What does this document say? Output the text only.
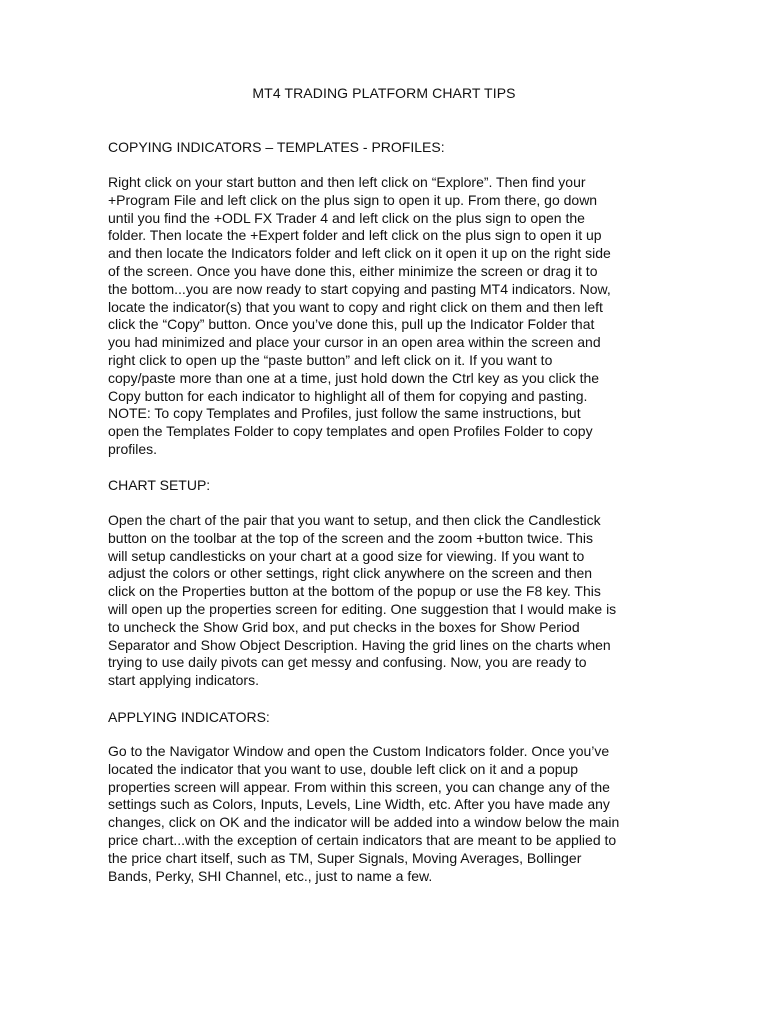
MT4 TRADING PLATFORM CHART TIPS
COPYING INDICATORS – TEMPLATES - PROFILES:
Right click on your start button and then left click on “Explore”. Then find your
+Program File and left click on the plus sign to open it up. From there, go down
until you find the +ODL FX Trader 4 and left click on the plus sign to open the
folder. Then locate the +Expert folder and left click on the plus sign to open it up
and then locate the Indicators folder and left click on it open it up on the right side
of the screen. Once you have done this, either minimize the screen or drag it to
the bottom...you are now ready to start copying and pasting MT4 indicators. Now,
locate the indicator(s) that you want to copy and right click on them and then left
click the “Copy” button. Once you’ve done this, pull up the Indicator Folder that
you had minimized and place your cursor in an open area within the screen and
right click to open up the “paste button” and left click on it. If you want to
copy/paste more than one at a time, just hold down the Ctrl key as you click the
Copy button for each indicator to highlight all of them for copying and pasting.
NOTE: To copy Templates and Profiles, just follow the same instructions, but
open the Templates Folder to copy templates and open Profiles Folder to copy
profiles.
CHART SETUP:
Open the chart of the pair that you want to setup, and then click the Candlestick
button on the toolbar at the top of the screen and the zoom +button twice. This
will setup candlesticks on your chart at a good size for viewing. If you want to
adjust the colors or other settings, right click anywhere on the screen and then
click on the Properties button at the bottom of the popup or use the F8 key. This
will open up the properties screen for editing. One suggestion that I would make is
to uncheck the Show Grid box, and put checks in the boxes for Show Period
Separator and Show Object Description. Having the grid lines on the charts when
trying to use daily pivots can get messy and confusing. Now, you are ready to
start applying indicators.
APPLYING INDICATORS:
Go to the Navigator Window and open the Custom Indicators folder. Once you’ve
located the indicator that you want to use, double left click on it and a popup
properties screen will appear. From within this screen, you can change any of the
settings such as Colors, Inputs, Levels, Line Width, etc. After you have made any
changes, click on OK and the indicator will be added into a window below the main
price chart...with the exception of certain indicators that are meant to be applied to
the price chart itself, such as TM, Super Signals, Moving Averages, Bollinger
Bands, Perky, SHI Channel, etc., just to name a few.
